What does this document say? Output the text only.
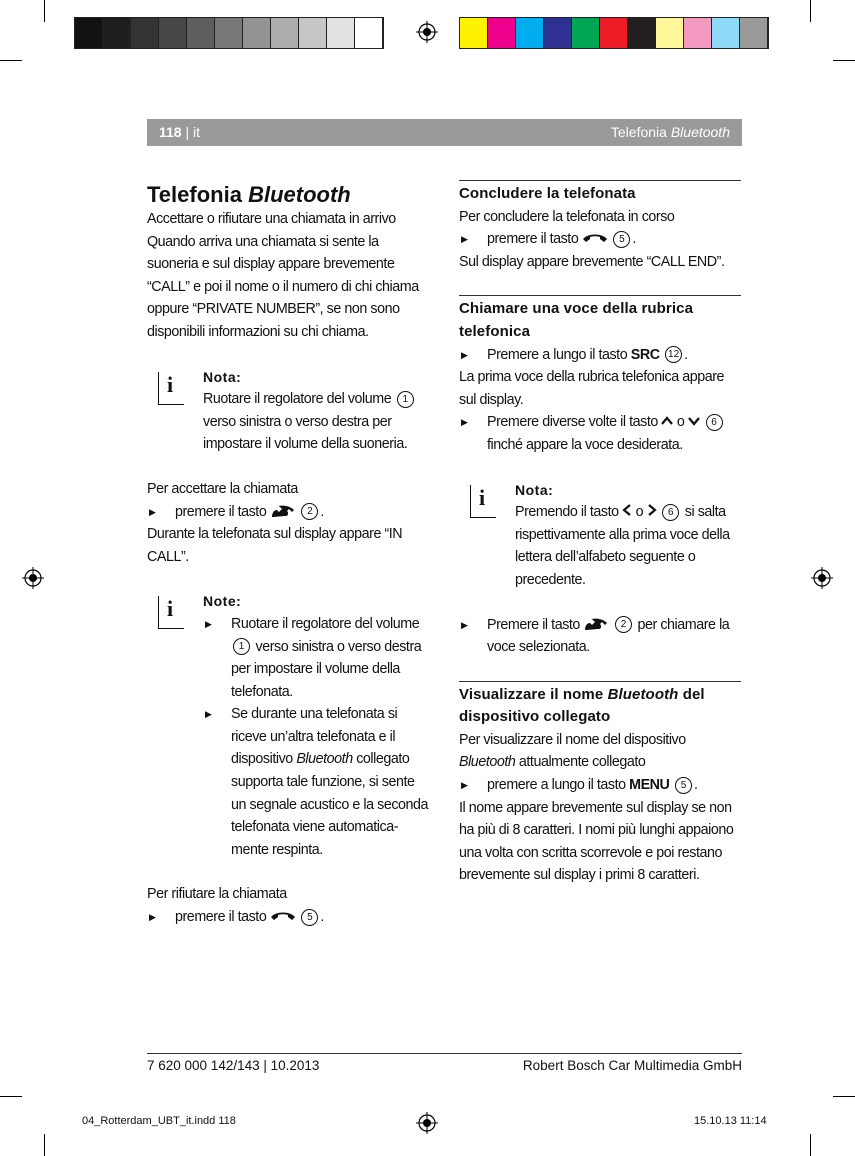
118 | it	Telefonia Bluetooth
Telefonia Bluetooth

Accettare o rifiutare una chiamata in arrivo

Quando arriva una chiamata si sente la suoneria e sul display appare brevemente “CALL” e poi il nome o il numero di chi chiama oppure “PRIVATE NUMBER”, se non sono disponibili informazioni su chi chiama.

i Nota:

Ruotare il regolatore del volume 1 verso sinistra o verso destra per impostare il volume della suoneria.

Per accettare la chiamata

▶ premere il tasto	2 .

Durante la telefonata sul display appare “IN CALL”.

i Note:

▶ Ruotare il regolatore del volume 1 verso sinistra o verso destra per impostare il volume della telefonata.

▶ Se durante una telefonata si riceve un’altra telefonata e il dispositivo Bluetooth collegato supporta tale funzione, si sente un segnale acustico e la seconda telefonata viene automatica-mente respinta.

Per rifiutare la chiamata

▶ premere il tasto	5 .

Concludere la telefonata

Per concludere la telefonata in corso

▶ premere il tasto	5 .

Sul display appare brevemente “CALL END”.

Chiamare una voce della rubrica telefonica

▶ Premere a lungo il tasto SRC 12 .

La prima voce della rubrica telefonica appare sul display.

▶ Premere diverse volte il tasto o	6 finché appare la voce desiderata.

i Nota:

Premendo il tasto o 6 si salta rispettivamente alla prima voce della lettera dell’alfabeto seguente o precedente.

▶ Premere il tasto	2 per chiamare la voce selezionata.

Visualizzare il nome Bluetooth del dispositivo collegato

Per visualizzare il nome del dispositivo Bluetooth attualmente collegato

▶ premere a lungo il tasto MENU 5 .

Il nome appare brevemente sul display se non ha più di 8 caratteri. I nomi più lunghi appaiono una volta con scritta scorrevole e poi restano brevemente sul display i primi 8 caratteri.

7 620 000 142/143 | 10.2013	Robert Bosch Car Multimedia GmbH
04_Rotterdam_UBT_it.indd 118	15.10.13 11:14
